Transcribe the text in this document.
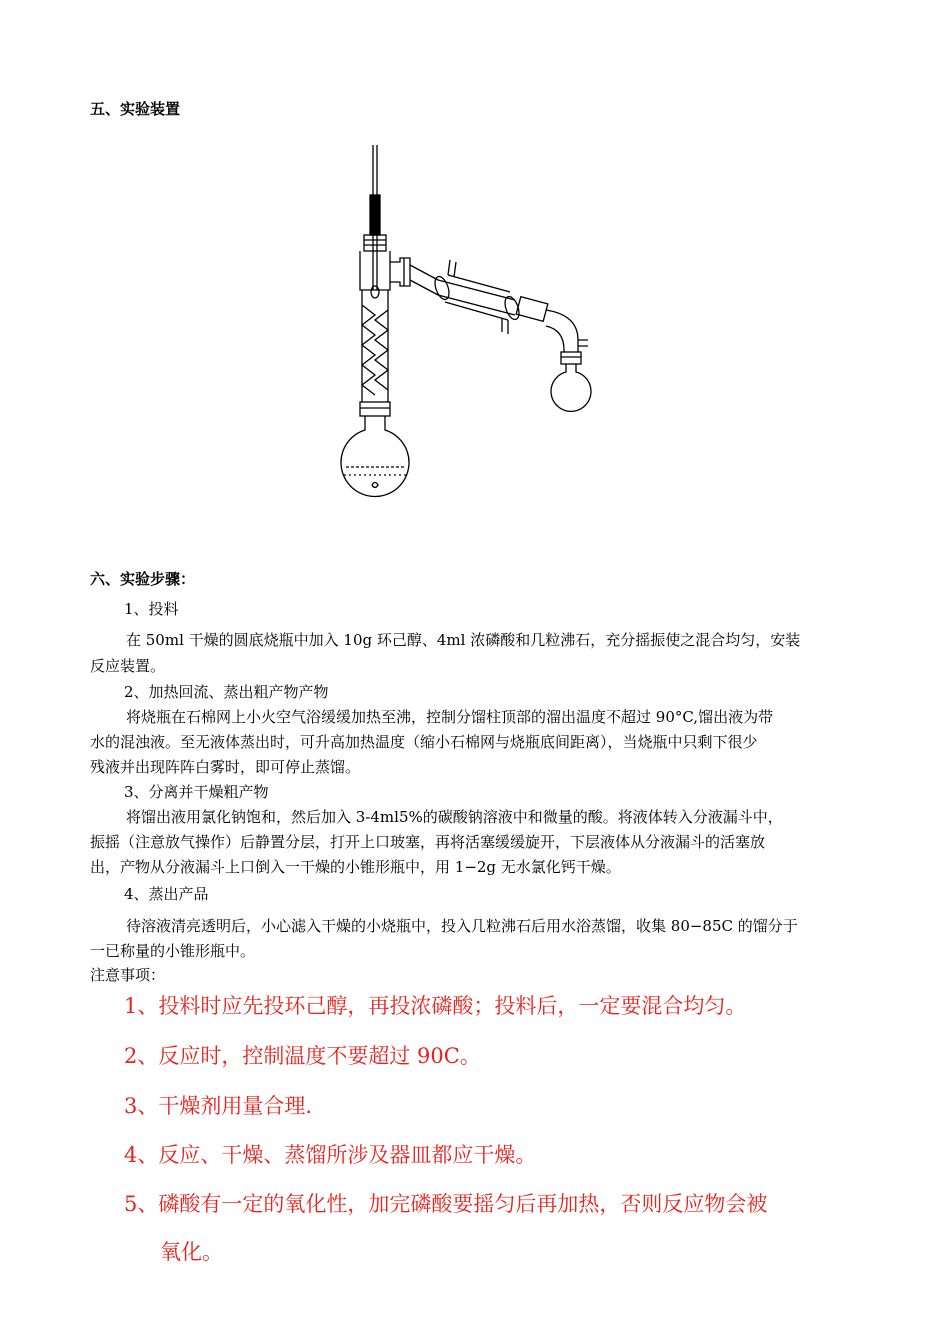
五、实验装置
六、实验步骤：
1、投料
在 50ml 干燥的圆底烧瓶中加入 10g 环己醇、4ml 浓磷酸和几粒沸石，充分摇振使之混合均匀，安装
反应装置。
2、加热回流、蒸出粗产物产物
将烧瓶在石棉网上小火空气浴缓缓加热至沸，控制分馏柱顶部的溜出温度不超过 90°C,馏出液为带
水的混浊液。至无液体蒸出时，可升高加热温度（缩小石棉网与烧瓶底间距离），当烧瓶中只剩下很少
残液并出现阵阵白雾时，即可停止蒸馏。
3、分离并干燥粗产物
将馏出液用氯化钠饱和，然后加入 3-4ml5%的碳酸钠溶液中和微量的酸。将液体转入分液漏斗中，
振摇（注意放气操作）后静置分层，打开上口玻塞，再将活塞缓缓旋开，下层液体从分液漏斗的活塞放
出，产物从分液漏斗上口倒入一干燥的小锥形瓶中，用 1−2g 无水氯化钙干燥。
4、蒸出产品
待溶液清亮透明后，小心滤入干燥的小烧瓶中，投入几粒沸石后用水浴蒸馏，收集 80−85C 的馏分于
一已称量的小锥形瓶中。
注意事项：
1、投料时应先投环己醇，再投浓磷酸；投料后，一定要混合均匀。
2、反应时，控制温度不要超过 90C。
3、干燥剂用量合理.
4、反应、干燥、蒸馏所涉及器皿都应干燥。
5、磷酸有一定的氧化性，加完磷酸要摇匀后再加热，否则反应物会被
氧化。
